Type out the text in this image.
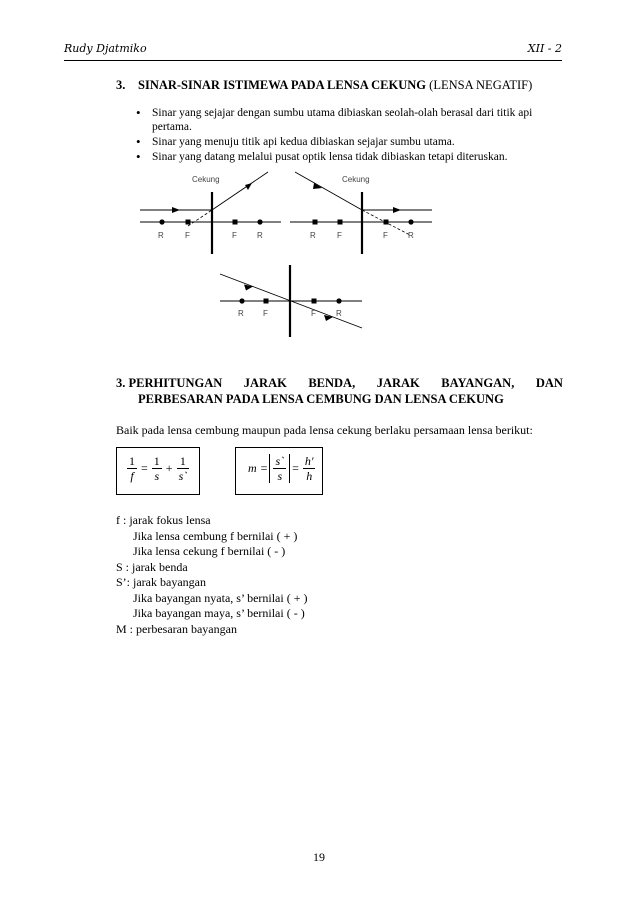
Rudy Djatmiko	XII - 2
3. SINAR-SINAR ISTIMEWA PADA LENSA CEKUNG (LENSA NEGATIF)
• Sinar yang sejajar dengan sumbu utama dibiaskan seolah-olah berasal dari titik api pertama.
• Sinar yang menuju titik api kedua dibiaskan sejajar sumbu utama.
• Sinar yang datang melalui pusat optik lensa tidak dibiaskan tetapi diteruskan.
Cekung
R	F	F	R
Cekung
R	F	F	R
R F	F	R
3. PERHITUNGAN JARAK BENDA, JARAK BAYANGAN, DAN
PERBESARAN PADA LENSA CEMBUNG DAN LENSA CEKUNG
Baik pada lensa cembung maupun pada lensa cekung berlaku persamaan lensa berikut:
$\frac{1}{f} = \frac{1}{s} + \frac{1}{s`}$	$m = \frac{s`}{s} = \frac{h'}{h}$
f : jarak fokus lensa
Jika lensa cembung f bernilai ( + )
Jika lensa cekung f bernilai ( - )
S : jarak benda
S’: jarak bayangan
Jika bayangan nyata, s’ bernilai ( + )
Jika bayangan maya, s’ bernilai ( - )
M : perbesaran bayangan
19
